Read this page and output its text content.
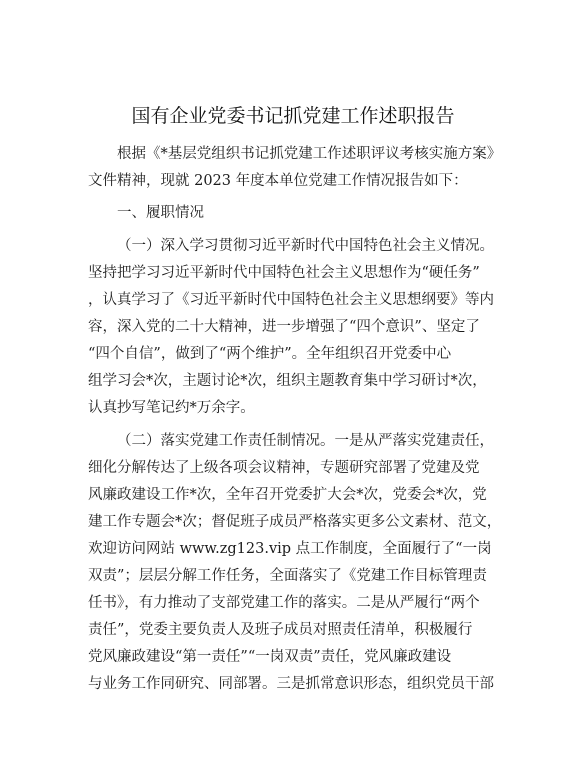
国有企业党委书记抓党建工作述职报告
根据《*基层党组织书记抓党建工作述职评议考核实施方案》
文件精神，现就 2023 年度本单位党建工作情况报告如下：
一、履职情况
（一）深入学习贯彻习近平新时代中国特色社会主义情况。
坚持把学习习近平新时代中国特色社会主义思想作为“硬任务”
，认真学习了《习近平新时代中国特色社会主义思想纲要》等内
容，深入党的二十大精神，进一步增强了“四个意识”、坚定了
“四个自信”，做到了“两个维护”。全年组织召开党委中心
组学习会*次，主题讨论*次，组织主题教育集中学习研讨*次，
认真抄写笔记约*万余字。
（二）落实党建工作责任制情况。一是从严落实党建责任，
细化分解传达了上级各项会议精神，专题研究部署了党建及党
风廉政建设工作*次，全年召开党委扩大会*次，党委会*次，党
建工作专题会*次；督促班子成员严格落实更多公文素材、范文，
欢迎访问网站 www.zg123.vip 点工作制度，全面履行了“一岗
双责”；层层分解工作任务，全面落实了《党建工作目标管理责
任书》，有力推动了支部党建工作的落实。二是从严履行“两个
责任”，党委主要负责人及班子成员对照责任清单，积极履行
党风廉政建设“第一责任”“一岗双责”责任，党风廉政建设
与业务工作同研究、同部署。三是抓常意识形态，组织党员干部
